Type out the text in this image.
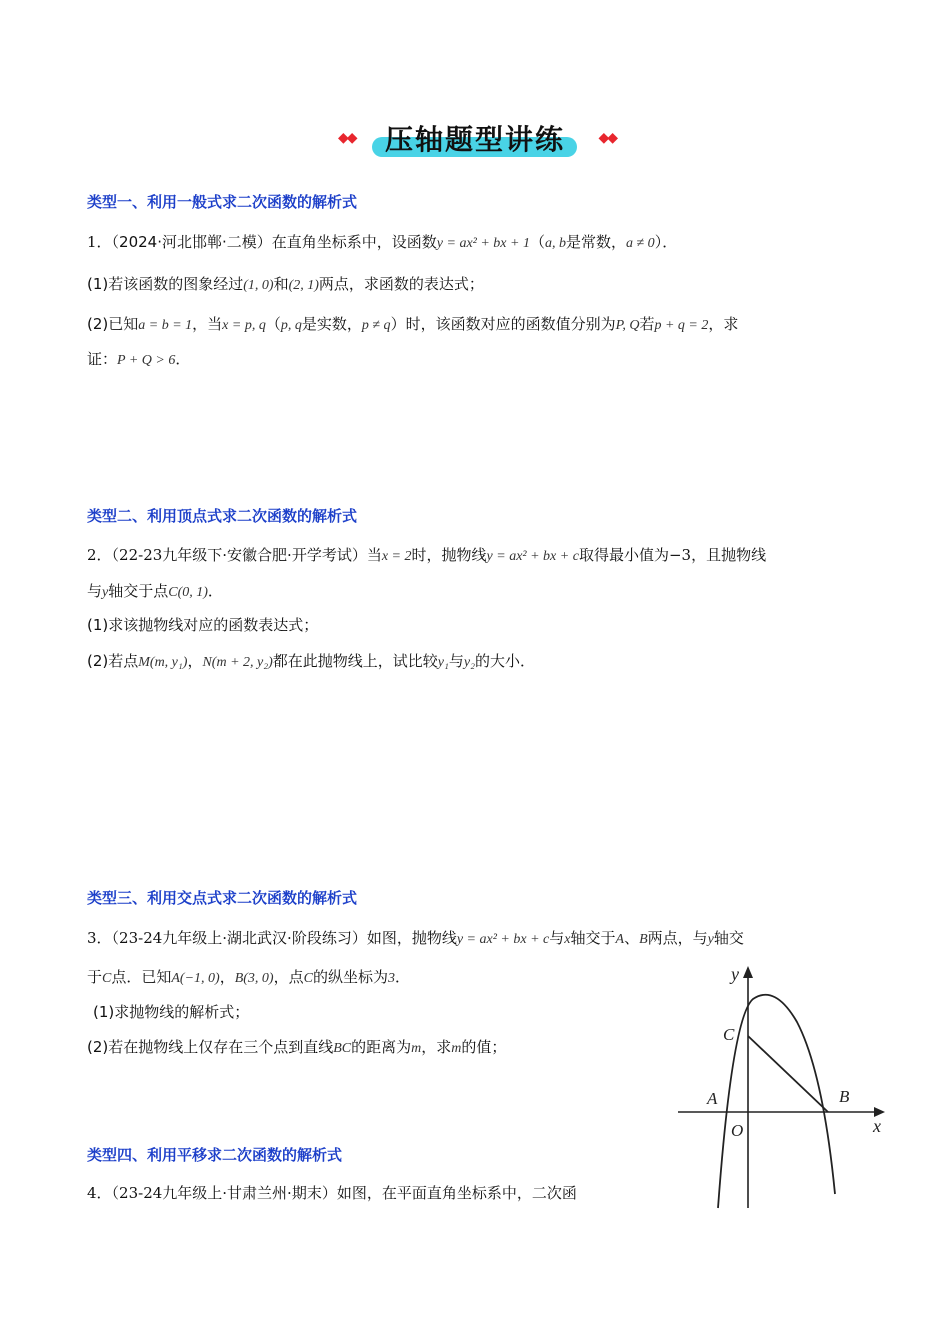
◆◆	压轴题型讲练	◆◆
类型一、利用一般式求二次函数的解析式
1．（2024·河北邯郸·二模）在直角坐标系中，设函数y = ax² + bx + 1（a, b是常数，a ≠ 0）．
(1)若该函数的图象经过(1, 0)和(2, 1)两点，求函数的表达式；
(2)已知a = b = 1，当x = p, q（p, q是实数，p ≠ q）时，该函数对应的函数值分别为P, Q若p + q = 2，求
证：P + Q > 6．
类型二、利用顶点式求二次函数的解析式
2．（22-23九年级下·安徽合肥·开学考试）当x = 2时，抛物线y = ax² + bx + c取得最小值为−3，且抛物线
与y轴交于点C(0, 1)．
(1)求该抛物线对应的函数表达式；
(2)若点M(m, y₁)，N(m + 2, y₂)都在此抛物线上，试比较y₁与y₂的大小．
类型三、利用交点式求二次函数的解析式
3．（23-24九年级上·湖北武汉·阶段练习）如图，抛物线y = ax² + bx + c与x轴交于A、B两点，与y轴交
于C点．已知A(−1, 0)，B(3, 0)，点C的纵坐标为3．
(1)求抛物线的解析式；
(2)若在抛物线上仅存在三个点到直线BC的距离为m，求m的值；
类型四、利用平移求二次函数的解析式
4．（23-24九年级上·甘肃兰州·期末）如图，在平面直角坐标系中，二次函
y
x
C
A	B
O
